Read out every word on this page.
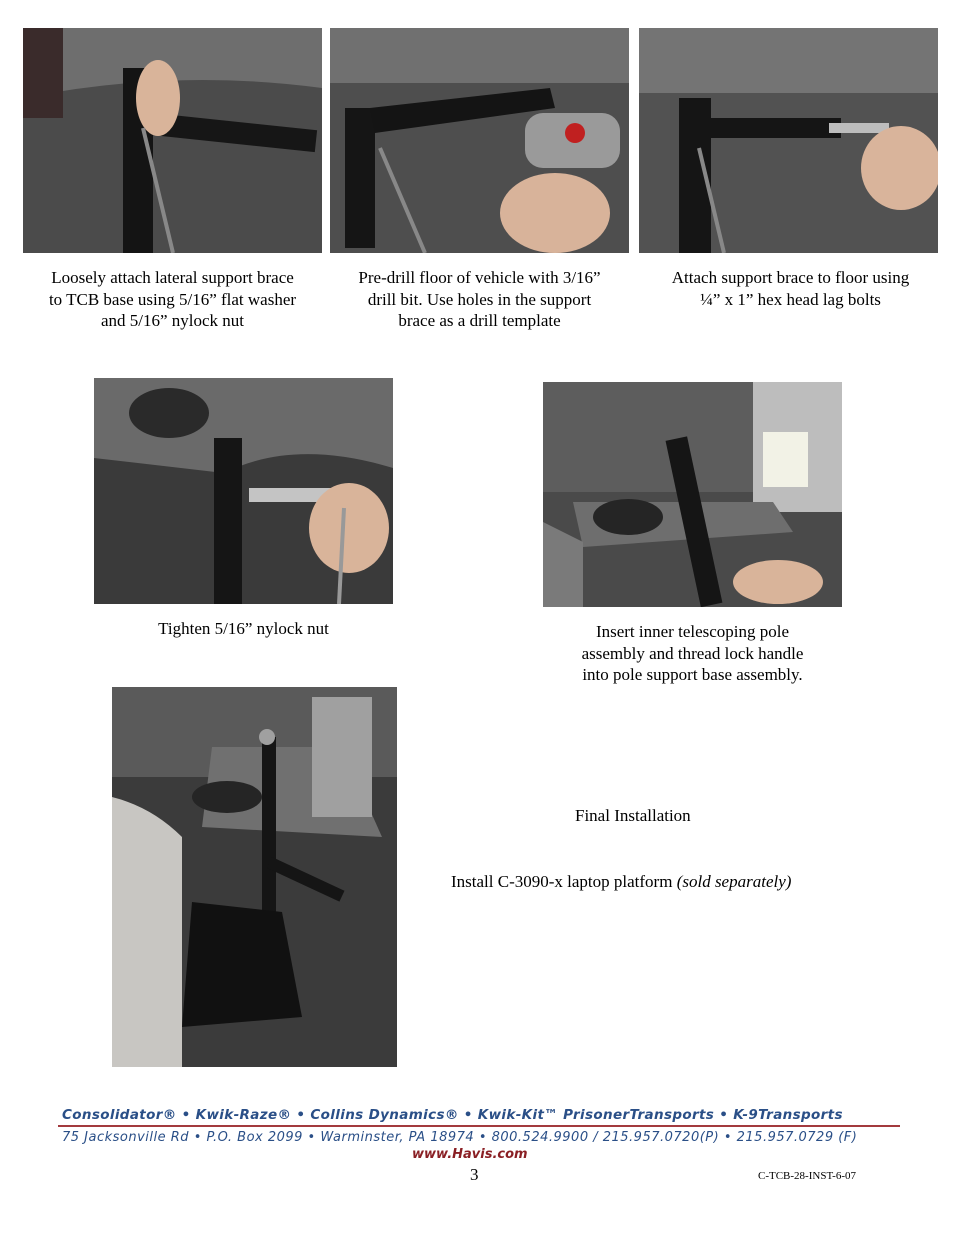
Loosely attach lateral support brace
to TCB base using 5/16” flat washer
and 5/16” nylock nut
Pre-drill floor of vehicle with 3/16”
drill bit. Use holes in the support
brace as a drill template
Attach support brace to floor using
¼” x 1” hex head lag bolts
Tighten 5/16” nylock nut	Insert inner telescoping pole
assembly and thread lock handle
into pole support base assembly.
Final Installation
Install C-3090-x laptop platform (sold separately)
Consolidator® • Kwik-Raze® • Collins Dynamics® • Kwik-Kit™ PrisonerTransports • K-9Transports
75 Jacksonville Rd • P.O. Box 2099 • Warminster, PA 18974 • 800.524.9900 / 215.957.0720(P) • 215.957.0729 (F)
www.Havis.com
3	C-TCB-28-INST-6-07
